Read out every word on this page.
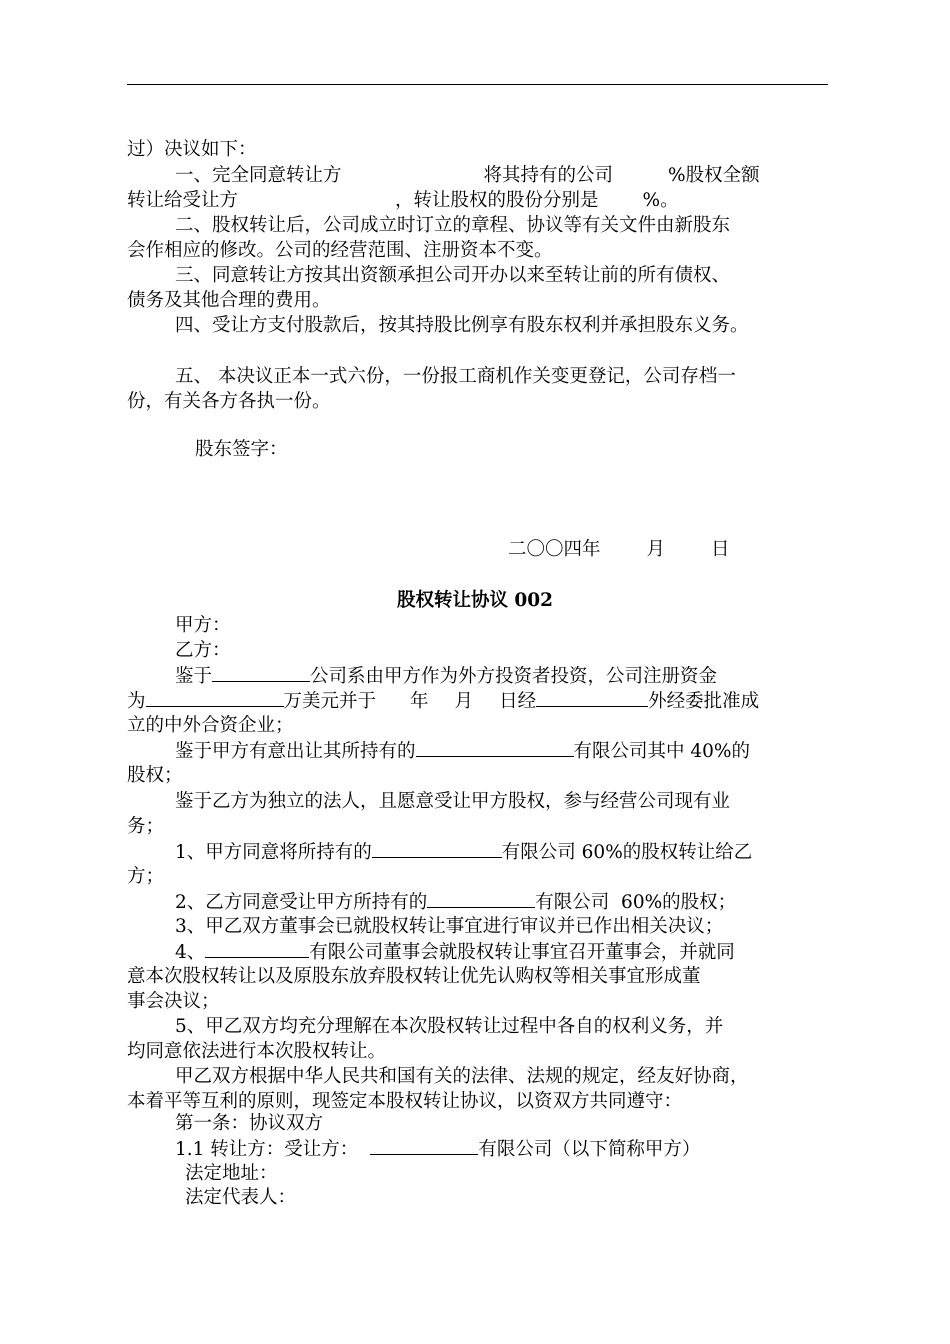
过）决议如下：
一、完全同意转让方	将其持有的公司	%股权全额
转让给受让方	，转让股权的股份分别是 %。
二、股权转让后，公司成立时订立的章程、协议等有关文件由新股东
会作相应的修改。公司的经营范围、注册资本不变。
三、同意转让方按其出资额承担公司开办以来至转让前的所有债权、
债务及其他合理的费用。
四、受让方支付股款后，按其持股比例享有股东权利并承担股东义务。
五、 本决议正本一式六份，一份报工商机作关变更登记，公司存档一
份，有关各方各执一份。
股东签字：
二〇〇四年 月 日
股权转让协议 002
甲方：
乙方：
鉴于	公司系由甲方作为外方投资者投资，公司注册资金
为	万美元并于 年 月 日经	外经委批准成
立的中外合资企业；
鉴于甲方有意出让其所持有的	有限公司其中 40%的
股权；
鉴于乙方为独立的法人，且愿意受让甲方股权，参与经营公司现有业
务；
1、甲方同意将所持有的	有限公司 60%的股权转让给乙
方；
2、乙方同意受让甲方所持有的	有限公司  60%的股权；
3、甲乙双方董事会已就股权转让事宜进行审议并已作出相关决议；
4、	有限公司董事会就股权转让事宜召开董事会，并就同
意本次股权转让以及原股东放弃股权转让优先认购权等相关事宜形成董
事会决议；
5、甲乙双方均充分理解在本次股权转让过程中各自的权利义务，并
均同意依法进行本次股权转让。
甲乙双方根据中华人民共和国有关的法律、法规的规定，经友好协商，
本着平等互利的原则，现签定本股权转让协议，以资双方共同遵守：
第一条：协议双方
1.1 转让方：受让方：	有限公司（以下简称甲方）
法定地址：
法定代表人：
